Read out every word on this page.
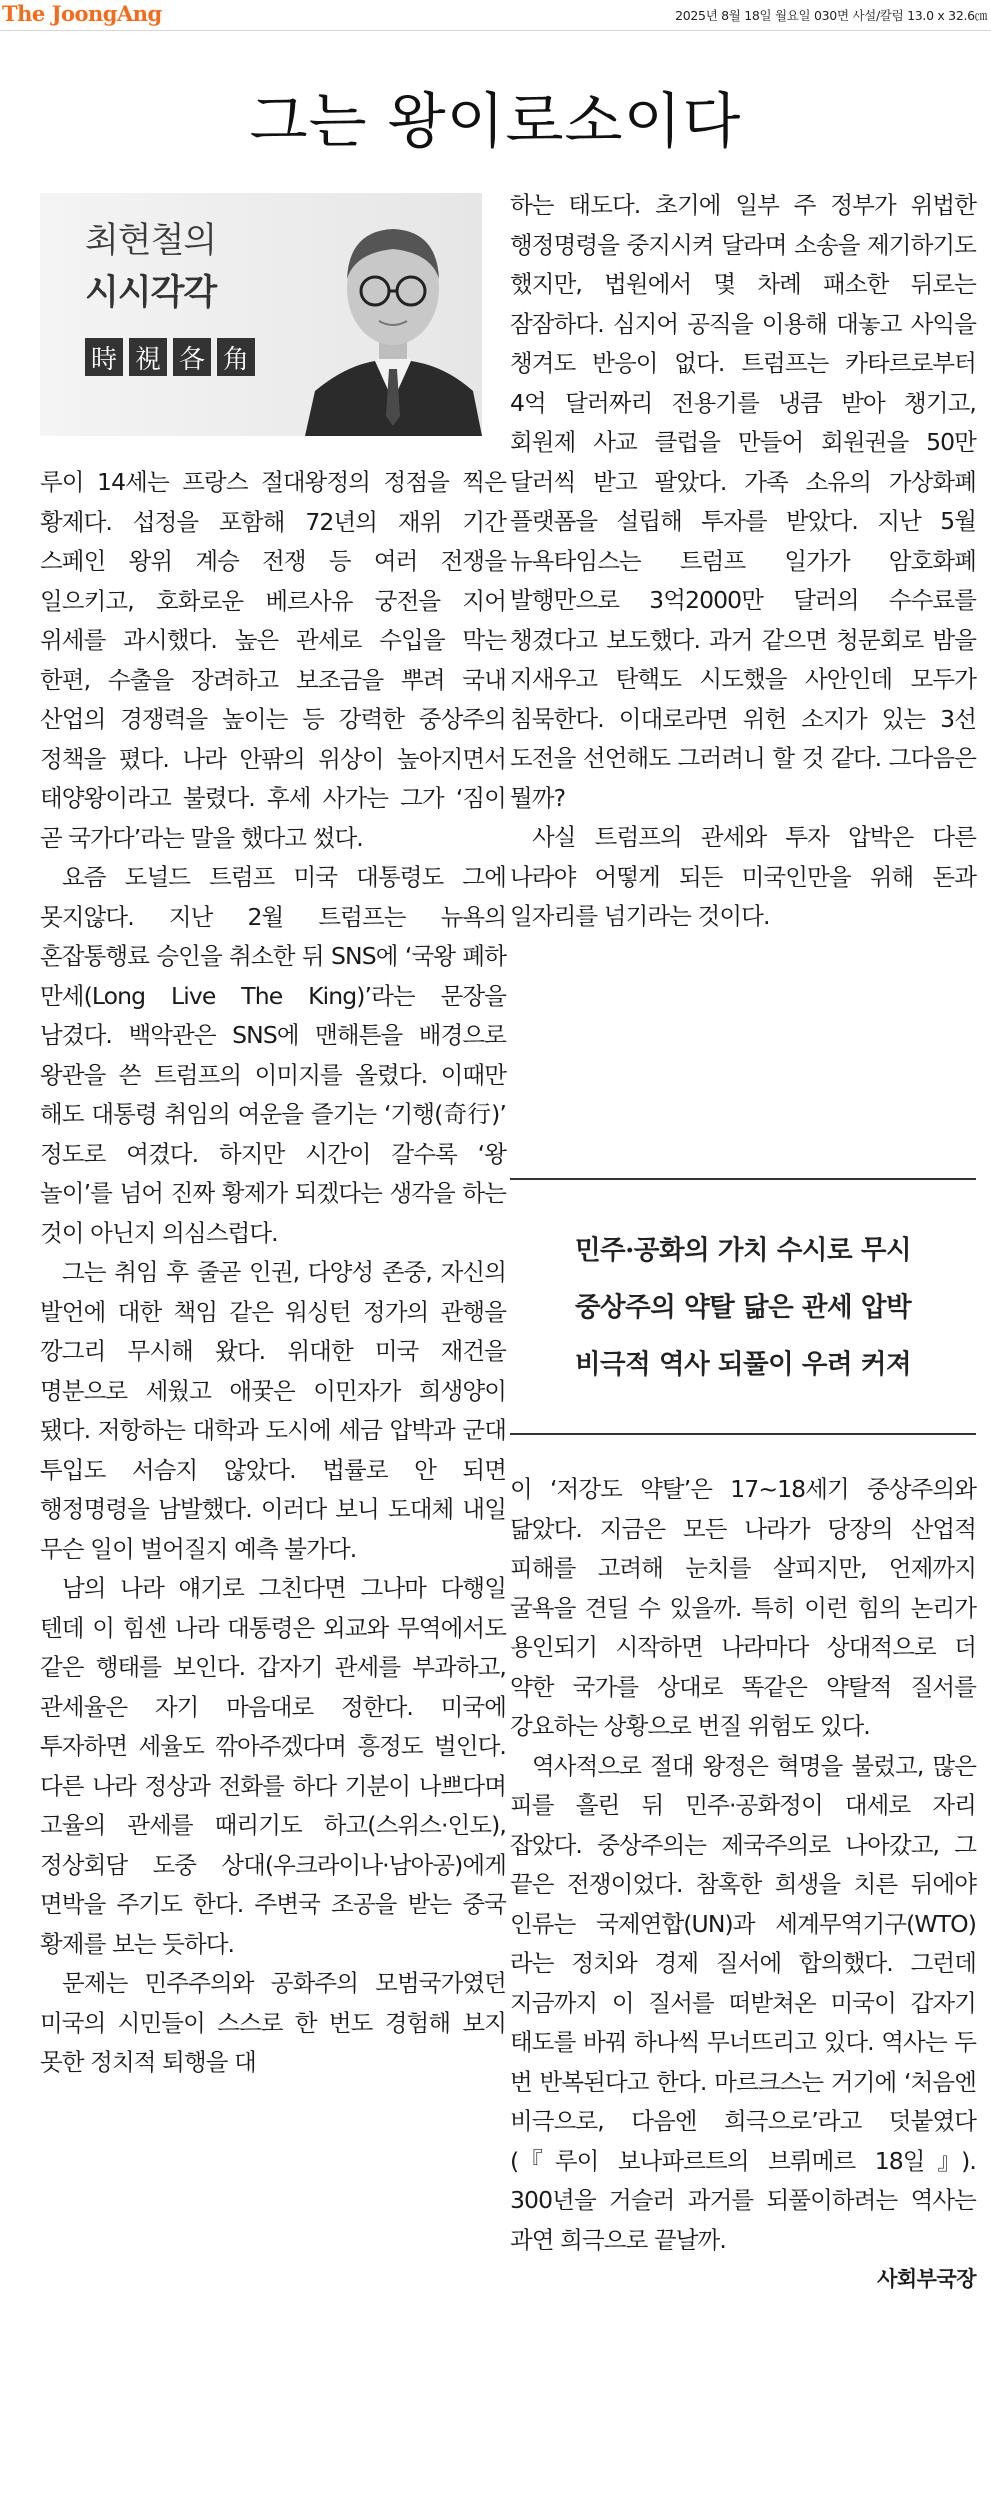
The JoongAng	2025년 8월 18일 월요일 030면 사설/칼럼 13.0 x 32.6㎝
그는 왕이로소이다
최현철의
시시각각
時 視 各 角

루이 14세는 프랑스 절대왕정의 정점을 찍은 황제다. 섭정을 포함해 72년의 재위 기간 스페인 왕위 계승 전쟁 등 여러 전쟁을 일으키고, 호화로운 베르사유 궁전을 지어 위세를 과시했다. 높은 관세로 수입을 막는 한편, 수출을 장려하고 보조금을 뿌려 국내 산업의 경쟁력을 높이는 등 강력한 중상주의 정책을 폈다. 나라 안팎의 위상이 높아지면서 태양왕이라고 불렸다. 후세 사가는 그가 ‘짐이 곧 국가다’라는 말을 했다고 썼다.

요즘 도널드 트럼프 미국 대통령도 그에 못지않다. 지난 2월 트럼프는 뉴욕의 혼잡통행료 승인을 취소한 뒤 SNS에 ‘국왕 폐하 만세(Long Live The King)’라는 문장을 남겼다. 백악관은 SNS에 맨해튼을 배경으로 왕관을 쓴 트럼프의 이미지를 올렸다. 이때만 해도 대통령 취임의 여운을 즐기는 ‘기행(奇行)’ 정도로 여겼다. 하지만 시간이 갈수록 ‘왕 놀이’를 넘어 진짜 황제가 되겠다는 생각을 하는 것이 아닌지 의심스럽다.

그는 취임 후 줄곧 인권, 다양성 존중, 자신의 발언에 대한 책임 같은 워싱턴 정가의 관행을 깡그리 무시해 왔다. 위대한 미국 재건을 명분으로 세웠고 애꿎은 이민자가 희생양이 됐다. 저항하는 대학과 도시에 세금 압박과 군대 투입도 서슴지 않았다. 법률로 안 되면 행정명령을 남발했다. 이러다 보니 도대체 내일 무슨 일이 벌어질지 예측 불가다.

남의 나라 얘기로 그친다면 그나마 다행일 텐데 이 힘센 나라 대통령은 외교와 무역에서도 같은 행태를 보인다. 갑자기 관세를 부과하고, 관세율은 자기 마음대로 정한다. 미국에 투자하면 세율도 깎아주겠다며 흥정도 벌인다. 다른 나라 정상과 전화를 하다 기분이 나쁘다며 고율의 관세를 때리기도 하고(스위스·인도), 정상회담 도중 상대(우크라이나·남아공)에게 면박을 주기도 한다. 주변국 조공을 받는 중국 황제를 보는 듯하다.

문제는 민주주의와 공화주의 모범국가였던 미국의 시민들이 스스로 한 번도 경험해 보지 못한 정치적 퇴행을 대

하는 태도다. 초기에 일부 주 정부가 위법한 행정명령을 중지시켜 달라며 소송을 제기하기도 했지만, 법원에서 몇 차례 패소한 뒤로는 잠잠하다. 심지어 공직을 이용해 대놓고 사익을 챙겨도 반응이 없다. 트럼프는 카타르로부터 4억 달러짜리 전용기를 냉큼 받아 챙기고, 회원제 사교 클럽을 만들어 회원권을 50만 달러씩 받고 팔았다. 가족 소유의 가상화폐 플랫폼을 설립해 투자를 받았다. 지난 5월 뉴욕타임스는 트럼프 일가가 암호화폐 발행만으로 3억2000만 달러의 수수료를 챙겼다고 보도했다. 과거 같으면 청문회로 밤을 지새우고 탄핵도 시도했을 사안인데 모두가 침묵한다. 이대로라면 위헌 소지가 있는 3선 도전을 선언해도 그러려니 할 것 같다. 그다음은 뭘까?

사실 트럼프의 관세와 투자 압박은 다른 나라야 어떻게 되든 미국인만을 위해 돈과 일자리를 넘기라는 것이다.

민주·공화의 가치 수시로 무시
중상주의 약탈 닮은 관세 압박
비극적 역사 되풀이 우려 커져

이 ‘저강도 약탈’은 17~18세기 중상주의와 닮았다. 지금은 모든 나라가 당장의 산업적 피해를 고려해 눈치를 살피지만, 언제까지 굴욕을 견딜 수 있을까. 특히 이런 힘의 논리가 용인되기 시작하면 나라마다 상대적으로 더 약한 국가를 상대로 똑같은 약탈적 질서를 강요하는 상황으로 번질 위험도 있다.

역사적으로 절대 왕정은 혁명을 불렀고, 많은 피를 흘린 뒤 민주·공화정이 대세로 자리 잡았다. 중상주의는 제국주의로 나아갔고, 그 끝은 전쟁이었다. 참혹한 희생을 치른 뒤에야 인류는 국제연합(UN)과 세계무역기구(WTO)라는 정치와 경제 질서에 합의했다. 그런데 지금까지 이 질서를 떠받쳐온 미국이 갑자기 태도를 바꿔 하나씩 무너뜨리고 있다. 역사는 두 번 반복된다고 한다. 마르크스는 거기에 ‘처음엔 비극으로, 다음엔 희극으로’라고 덧붙였다(『루이 보나파르트의 브뤼메르 18일』). 300년을 거슬러 과거를 되풀이하려는 역사는 과연 희극으로 끝날까.

사회부국장
